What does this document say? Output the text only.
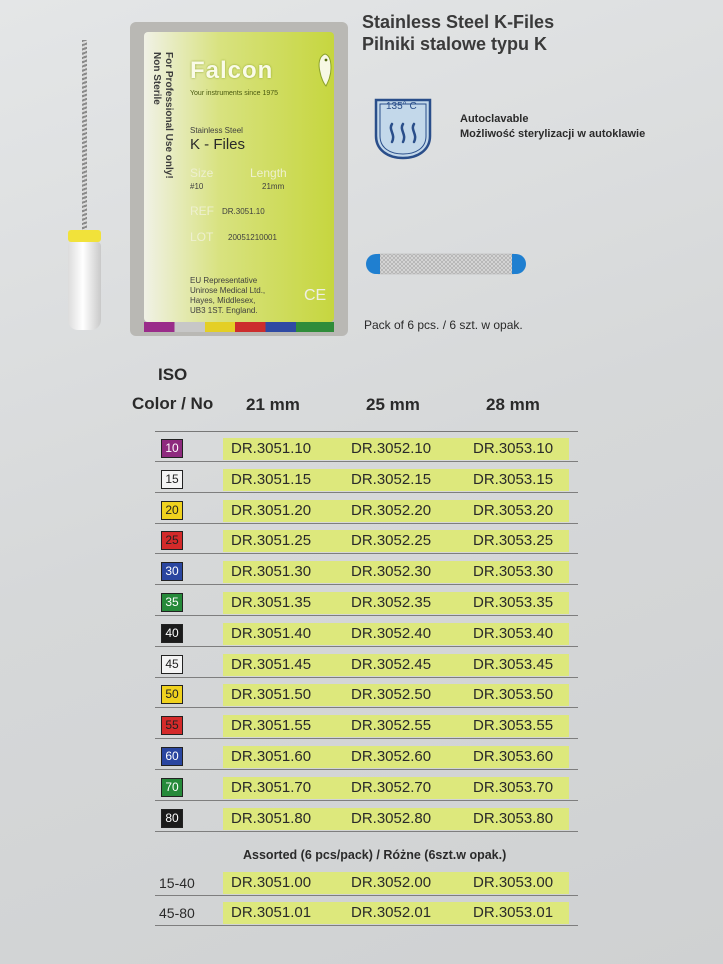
For Professional Use only!
Non Sterile Falcon
Your instruments since 1975
Stainless Steel
K - Files
Size	Length
#10	21mm
REF DR.3051.10
LOT 20051210001
EU Representative
Unirose Medical Ltd.,
Hayes, Middlesex,
UB3 1ST. England.
CE
Stainless Steel K-Files
Pilniki stalowe typu K
135° C
Autoclavable
Możliwość sterylizacji w autoklawie
Pack of 6 pcs. / 6 szt. w opak.
ISO
Color / No 21 mm	25 mm	28 mm
10	DR.3051.10	DR.3052.10	DR.3053.10
15	DR.3051.15	DR.3052.15	DR.3053.15
20	DR.3051.20	DR.3052.20	DR.3053.20
25	DR.3051.25	DR.3052.25	DR.3053.25
30	DR.3051.30	DR.3052.30	DR.3053.30
35	DR.3051.35	DR.3052.35	DR.3053.35
40	DR.3051.40	DR.3052.40	DR.3053.40
45	DR.3051.45	DR.3052.45	DR.3053.45
50	DR.3051.50	DR.3052.50	DR.3053.50
55	DR.3051.55	DR.3052.55	DR.3053.55
60	DR.3051.60	DR.3052.60	DR.3053.60
70	DR.3051.70	DR.3052.70	DR.3053.70
80	DR.3051.80	DR.3052.80	DR.3053.80
Assorted (6 pcs/pack) / Różne (6szt.w opak.)
15-40 DR.3051.00	DR.3052.00	DR.3053.00
45-80 DR.3051.01	DR.3052.01	DR.3053.01
